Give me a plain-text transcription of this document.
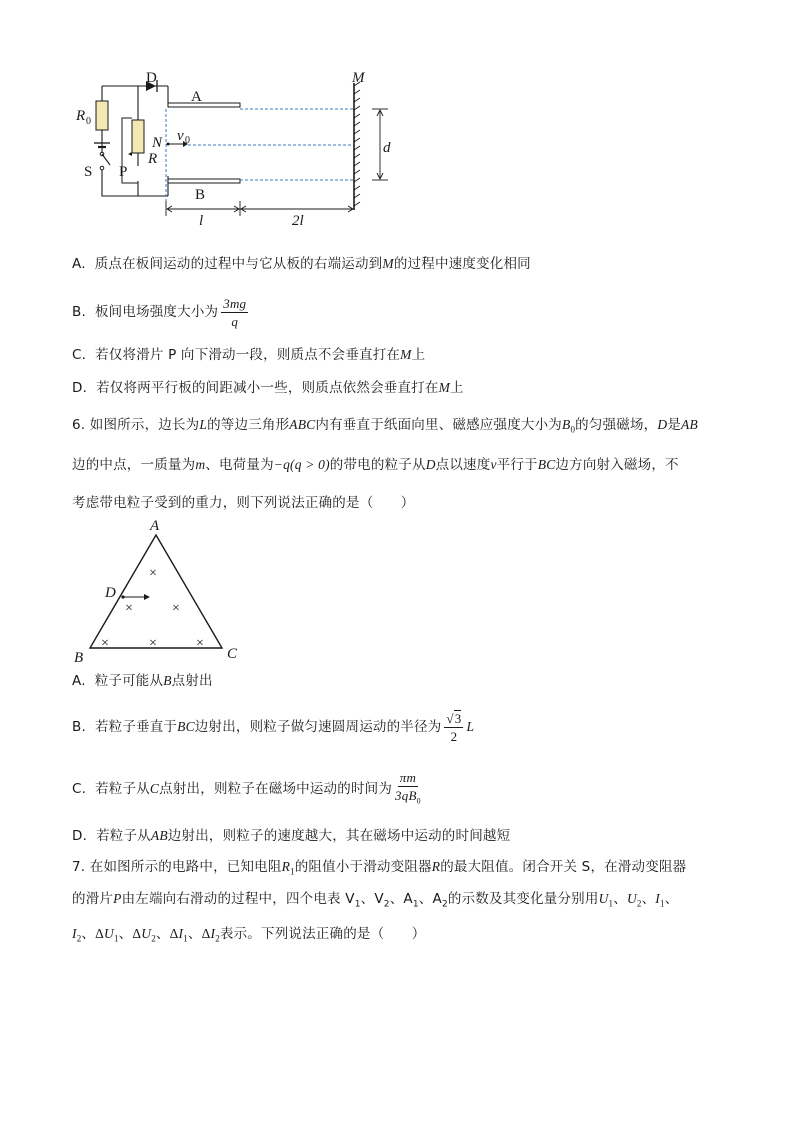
D
A
B
M
R 0
N v 0
R
P
S
d
l	2l
A. 质点在板间运动的过程中与它从板的右端运动到M的过程中速度变化相同
B. 板间电场强度大小为 $\frac{3mg}{q}$
C. 若仅将滑片 P 向下滑动一段，则质点不会垂直打在M上
D. 若仅将两平行板的间距减小一些，则质点依然会垂直打在M上
6. 如图所示，边长为L的等边三角形ABC内有垂直于纸面向里、磁感应强度大小为$B_0$的匀强磁场，D是AB
边的中点，一质量为m、电荷量为−q(q > 0)的带电的粒子从D点以速度v平行于BC边方向射入磁场，不
考虑带电粒子受到的重力，则下列说法正确的是（　　）
×
×	×
×	×	×
A
B	C
D
A. 粒子可能从B点射出
B. 若粒子垂直于BC边射出，则粒子做匀速圆周运动的半径为 $\frac{√3}{2}$ L
C. 若粒子从C点射出，则粒子在磁场中运动的时间为 $\frac{\pi m}{3qB_0}$
D. 若粒子从AB边射出，则粒子的速度越大，其在磁场中运动的时间越短
7. 在如图所示的电路中，已知电阻$R_1$的阻值小于滑动变阻器R的最大阻值。闭合开关 S，在滑动变阻器
的滑片P由左端向右滑动的过程中，四个电表 $V_1$、$V_2$、$A_1$、$A_2$的示数及其变化量分别用$U_1$、$U_2$、$I_1$、
$I_2$、$\Delta U_1$、$\Delta U_2$、$\Delta I_1$、$\Delta I_2$表示。下列说法正确的是（　　）
